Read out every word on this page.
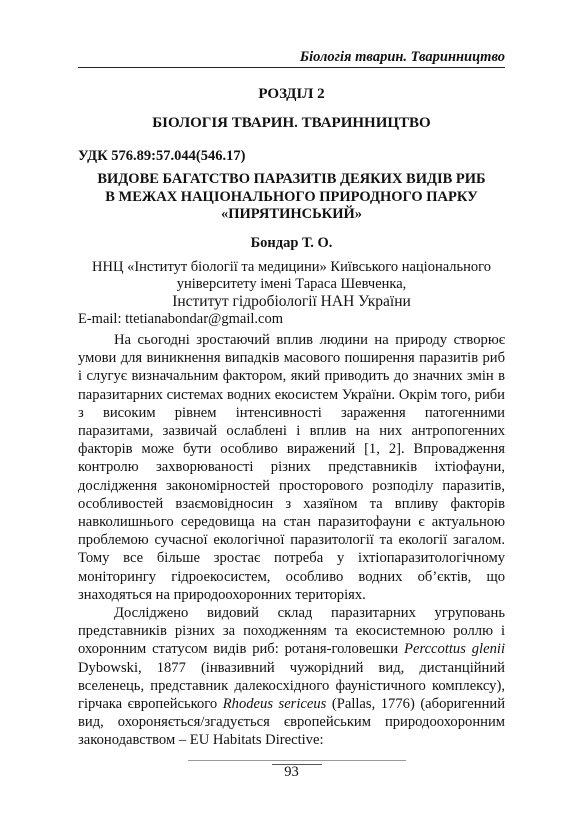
Біологія тварин. Тваринництво
РОЗДІЛ 2
БІОЛОГІЯ ТВАРИН. ТВАРИННИЦТВО
УДК 576.89:57.044(546.17)
ВИДОВЕ БАГАТСТВО ПАРАЗИТІВ ДЕЯКИХ ВИДІВ РИБ
В МЕЖАХ НАЦІОНАЛЬНОГО ПРИРОДНОГО ПАРКУ
«ПИРЯТИНСЬКИЙ»
Бондар Т. О.
ННЦ «Інститут біології та медицини» Київського національного
університету імені Тараса Шевченка,
Інститут гідробіології НАН України
E-mail: ttetianabondar@gmail.com

На сьогодні зростаючий вплив людини на природу створює умови для виникнення випадків масового поширення паразитів риб і слугує визначальним фактором, який приводить до значних змін в паразитарних системах водних екосистем України. Окрім того, риби з високим рівнем інтенсивності зараження патогенними паразитами, зазвичай ослаблені і вплив на них антропогенних факторів може бути особливо виражений [1, 2]. Впровадження контролю захворюваності різних представників іхтіофауни, дослідження закономірностей просторового розподілу паразитів, особливостей взаємовідносин з хазяїном та впливу факторів навколишнього середовища на стан паразитофауни є актуальною проблемою сучасної екологічної паразитології та екології загалом. Тому все більше зростає потреба у іхтіопаразитологічному моніторингу гідроекосистем, особливо водних об’єктів, що знаходяться на природоохоронних територіях.

Досліджено видовий склад паразитарних угруповань представників різних за походженням та екосистемною роллю і охоронним статусом видів риб: ротаня-головешки Perccottus glenii Dybowski, 1877 (інвазивний чужорідний вид, дистанційний вселенець, представник далекосхідного фауністичного комплексу), гірчака європейського Rhodeus sericeus (Pallas, 1776) (аборигенний вид, охороняється/згадується європейським природоохоронним законодавством – EU Habitats Directive:

93
